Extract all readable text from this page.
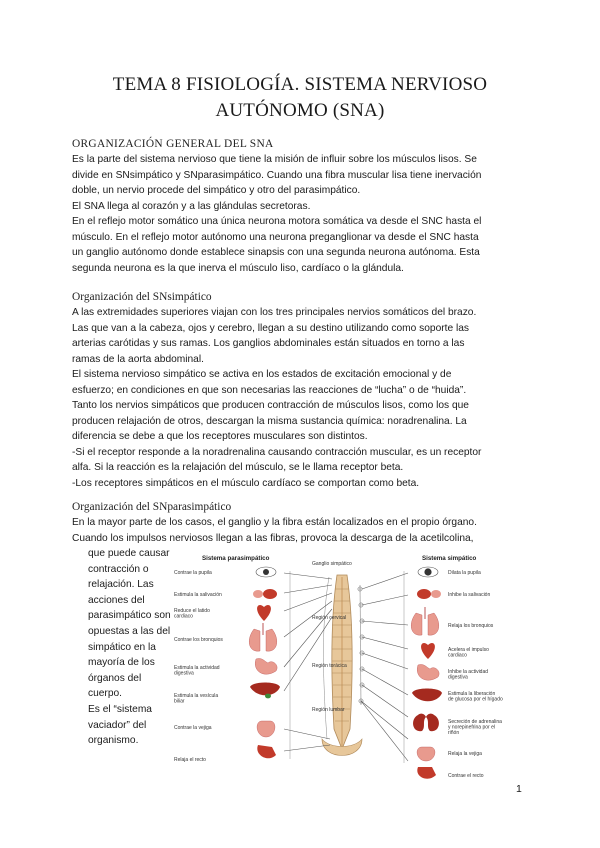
TEMA 8 FISIOLOGÍA. SISTEMA NERVIOSO
AUTÓNOMO (SNA)
ORGANIZACIÓN GENERAL DEL SNA

Es la parte del sistema nervioso que tiene la misión de influir sobre los músculos lisos. Se

divide en SNsimpático y SNparasimpático. Cuando una fibra muscular lisa tiene inervación

doble, un nervio procede del simpático y otro del parasimpático.

El SNA llega al corazón y a las glándulas secretoras.

En el reflejo motor somático una única neurona motora somática va desde el SNC hasta el

músculo. En el reflejo motor autónomo una neurona preganglionar va desde el SNC hasta

un ganglio autónomo donde establece sinapsis con una segunda neurona autónoma. Esta

segunda neurona es la que inerva el músculo liso, cardíaco o la glándula.

Organización del SNsimpático

A las extremidades superiores viajan con los tres principales nervios somáticos del brazo.

Las que van a la cabeza, ojos y cerebro, llegan a su destino utilizando como soporte las

arterias carótidas y sus ramas. Los ganglios abdominales están situados en torno a las

ramas de la aorta abdominal.

El sistema nervioso simpático se activa en los estados de excitación emocional y de

esfuerzo; en condiciones en que son necesarias las reacciones de “lucha” o de “huida”.

Tanto los nervios simpáticos que producen contracción de músculos lisos, como los que

producen relajación de otros, descargan la misma sustancia química: noradrenalina. La

diferencia se debe a que los receptores musculares son distintos.

-Si el receptor responde a la noradrenalina causando contracción muscular, es un receptor

alfa. Si la reacción es la relajación del músculo, se le llama receptor beta.

-Los receptores simpáticos en el músculo cardíaco se comportan como beta.

Organización del SNparasimpático

En la mayor parte de los casos, el ganglio y la fibra están localizados en el propio órgano.

Cuando los impulsos nerviosos llegan a las fibras, provoca la descarga de la acetilcolina,

que puede causar
contracción o
relajación. Las
acciones del
parasimpático son
opuestas a las del
simpático en la
mayoría de los
órganos del cuerpo.
Es el “sistema
vaciador” del
organismo.
Sistema parasimpático	Sistema simpático
Ganglio simpático
Región cervical
Región torácica
Región lumbar
Contrae la pupila
Estimula la salivación
Reduce el latido cardiaco
Contrae los bronquios
Estimula la actividad digestiva
Estimula la vesícula biliar
Contrae la vejiga
Relaja el recto
Dilata la pupila
Inhibe la salivación
Relaja los bronquios
Acelera el impulso cardiaco
Inhibe la actividad digestiva
Estimula la liberación de glucosa por el hígado
Secreción de adrenalina y norepinefrina por el riñón
Relaja la vejiga
Contrae el recto
1
